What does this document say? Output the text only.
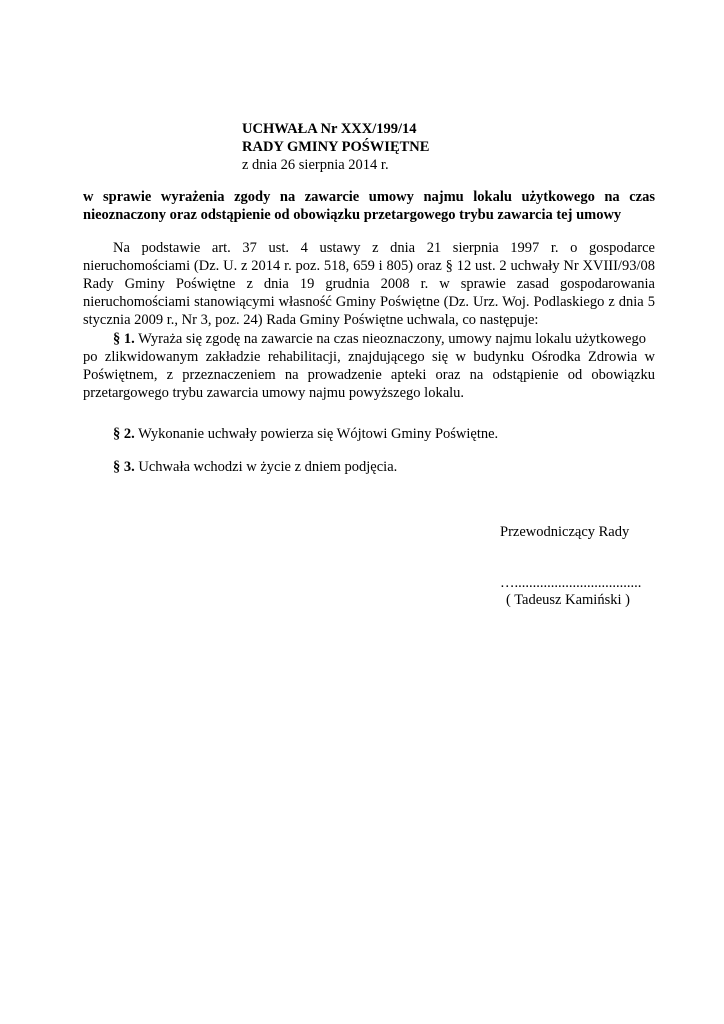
UCHWAŁA Nr XXX/199/14
RADY GMINY POŚWIĘTNE
z dnia 26 sierpnia 2014 r.
w sprawie wyrażenia zgody na zawarcie umowy najmu lokalu użytkowego na czas
nieoznaczony oraz odstąpienie od obowiązku przetargowego trybu zawarcia tej umowy
Na podstawie art. 37 ust. 4 ustawy z dnia 21 sierpnia 1997 r. o gospodarce
nieruchomościami (Dz. U. z 2014 r. poz. 518, 659 i 805) oraz § 12 ust. 2 uchwały Nr XVIII/93/08
Rady Gminy Poświętne z dnia 19 grudnia 2008 r. w sprawie zasad gospodarowania
nieruchomościami stanowiącymi własność Gminy Poświętne (Dz. Urz. Woj. Podlaskiego z dnia 5
stycznia 2009 r., Nr 3, poz. 24) Rada Gminy Poświętne uchwala, co następuje:
§ 1. Wyraża się zgodę na zawarcie na czas nieoznaczony, umowy najmu lokalu użytkowego
po zlikwidowanym zakładzie rehabilitacji, znajdującego się w budynku Ośrodka Zdrowia w
Poświętnem, z przeznaczeniem na prowadzenie apteki oraz na odstąpienie od obowiązku
przetargowego trybu zawarcia umowy najmu powyższego lokalu.
§ 2. Wykonanie uchwały powierza się Wójtowi Gminy Poświętne.
§ 3. Uchwała wchodzi w życie z dniem podjęcia.
Przewodniczący Rady
…...................................
( Tadeusz Kamiński )
